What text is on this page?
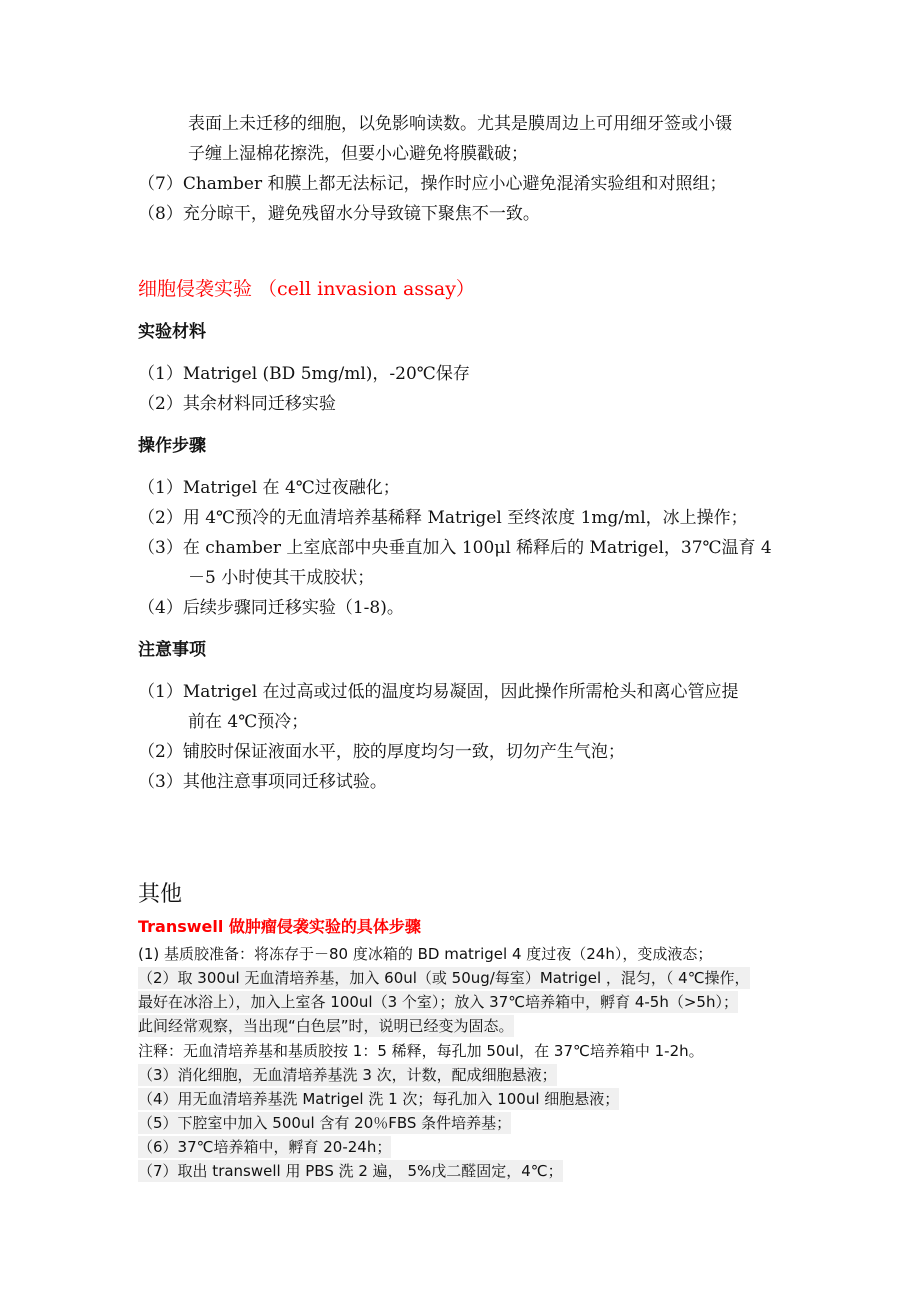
表面上未迁移的细胞，以免影响读数。尤其是膜周边上可用细牙签或小镊
子缠上湿棉花擦洗，但要小心避免将膜戳破；
（7）Chamber 和膜上都无法标记，操作时应小心避免混淆实验组和对照组；
（8）充分晾干，避免残留水分导致镜下聚焦不一致。
细胞侵袭实验 （cell invasion assay）
实验材料
（1）Matrigel (BD 5mg/ml)，-20℃保存
（2）其余材料同迁移实验
操作步骤
（1）Matrigel 在 4℃过夜融化；
（2）用 4℃预冷的无血清培养基稀释 Matrigel 至终浓度 1mg/ml，冰上操作；
（3）在 chamber 上室底部中央垂直加入 100μl 稀释后的 Matrigel，37℃温育 4
－5 小时使其干成胶状；
（4）后续步骤同迁移实验（1-8)。
注意事项
（1）Matrigel 在过高或过低的温度均易凝固，因此操作所需枪头和离心管应提
前在 4℃预冷；
（2）铺胶时保证液面水平，胶的厚度均匀一致，切勿产生气泡；
（3）其他注意事项同迁移试验。
其他
Transwell 做肿瘤侵袭实验的具体步骤
(1) 基质胶准备：将冻存于－80 度冰箱的 BD matrigel 4 度过夜（24h），变成液态；
（2）取 300ul 无血清培养基，加入 60ul（或 50ug/每室）Matrigel ，混匀，（ 4℃操作，
最好在冰浴上），加入上室各 100ul（3 个室）；放入 37℃培养箱中，孵育 4-5h（>5h）；
此间经常观察，当出现“白色层”时，说明已经变为固态。
注释：无血清培养基和基质胶按 1：5 稀释，每孔加 50ul，在 37℃培养箱中 1-2h。
（3）消化细胞，无血清培养基洗 3 次，计数，配成细胞悬液；
（4）用无血清培养基洗 Matrigel 洗 1 次；每孔加入 100ul 细胞悬液；
（5）下腔室中加入 500ul 含有 20％FBS 条件培养基；
（6）37℃培养箱中，孵育 20-24h；
（7）取出 transwell 用 PBS 洗 2 遍， 5%戊二醛固定，4℃；
